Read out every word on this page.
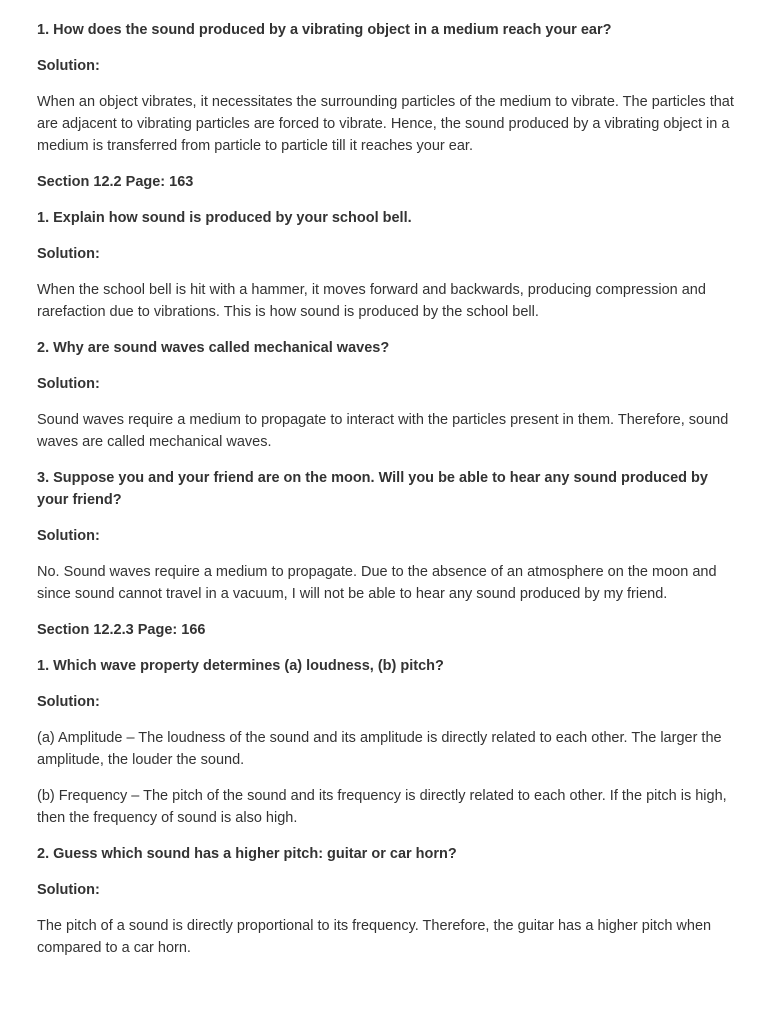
1. How does the sound produced by a vibrating object in a medium reach your ear?
Solution:
When an object vibrates, it necessitates the surrounding particles of the medium to vibrate. The particles that are adjacent to vibrating particles are forced to vibrate. Hence, the sound produced by a vibrating object in a medium is transferred from particle to particle till it reaches your ear.
Section 12.2 Page: 163
1. Explain how sound is produced by your school bell.
Solution:
When the school bell is hit with a hammer, it moves forward and backwards, producing compression and rarefaction due to vibrations. This is how sound is produced by the school bell.
2. Why are sound waves called mechanical waves?
Solution:
Sound waves require a medium to propagate to interact with the particles present in them. Therefore, sound waves are called mechanical waves.
3. Suppose you and your friend are on the moon. Will you be able to hear any sound produced by your friend?
Solution:
No. Sound waves require a medium to propagate. Due to the absence of an atmosphere on the moon and since sound cannot travel in a vacuum, I will not be able to hear any sound produced by my friend.
Section 12.2.3 Page: 166
1. Which wave property determines (a) loudness, (b) pitch?
Solution:
(a) Amplitude – The loudness of the sound and its amplitude is directly related to each other. The larger the amplitude, the louder the sound.
(b) Frequency – The pitch of the sound and its frequency is directly related to each other. If the pitch is high, then the frequency of sound is also high.
2. Guess which sound has a higher pitch: guitar or car horn?
Solution:
The pitch of a sound is directly proportional to its frequency. Therefore, the guitar has a higher pitch when compared to a car horn.
